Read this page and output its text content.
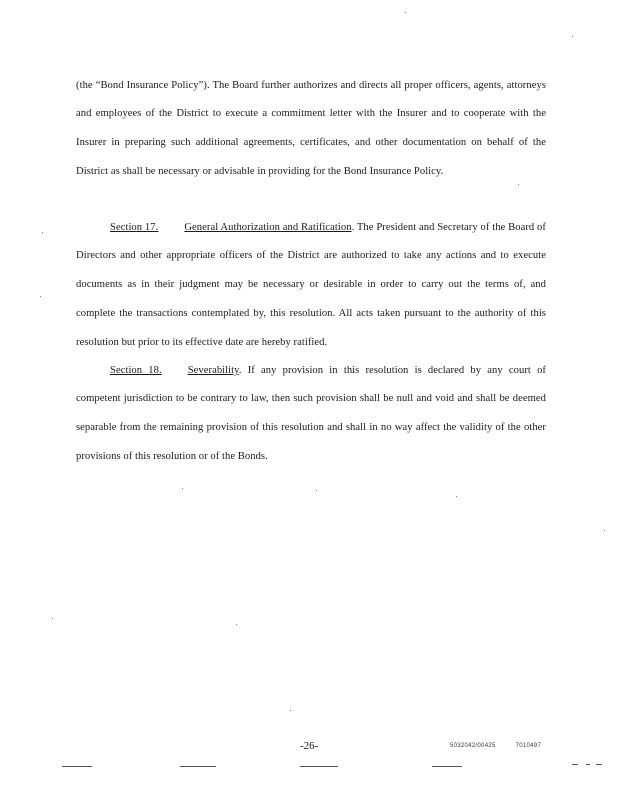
(the “Bond Insurance Policy”). The Board further authorizes and directs all proper officers, agents, attorneys and employees of the District to execute a commitment letter with the Insurer and to cooperate with the Insurer in preparing such additional agreements, certificates, and other documentation on behalf of the District as shall be necessary or advisable in providing for the Bond Insurance Policy.

Section 17. General Authorization and Ratification. The President and Secretary of the Board of Directors and other appropriate officers of the District are authorized to take any actions and to execute documents as in their judgment may be necessary or desirable in order to carry out the terms of, and complete the transactions contemplated by, this resolution. All acts taken pursuant to the authority of this resolution but prior to its effective date are hereby ratified.

Section 18. Severability. If any provision in this resolution is declared by any court of competent jurisdiction to be contrary to law, then such provision shall be null and void and shall be deemed separable from the remaining provision of this resolution and shall in no way affect the validity of the other provisions of this resolution or of the Bonds.

-26-	5032042/00425	7010497
